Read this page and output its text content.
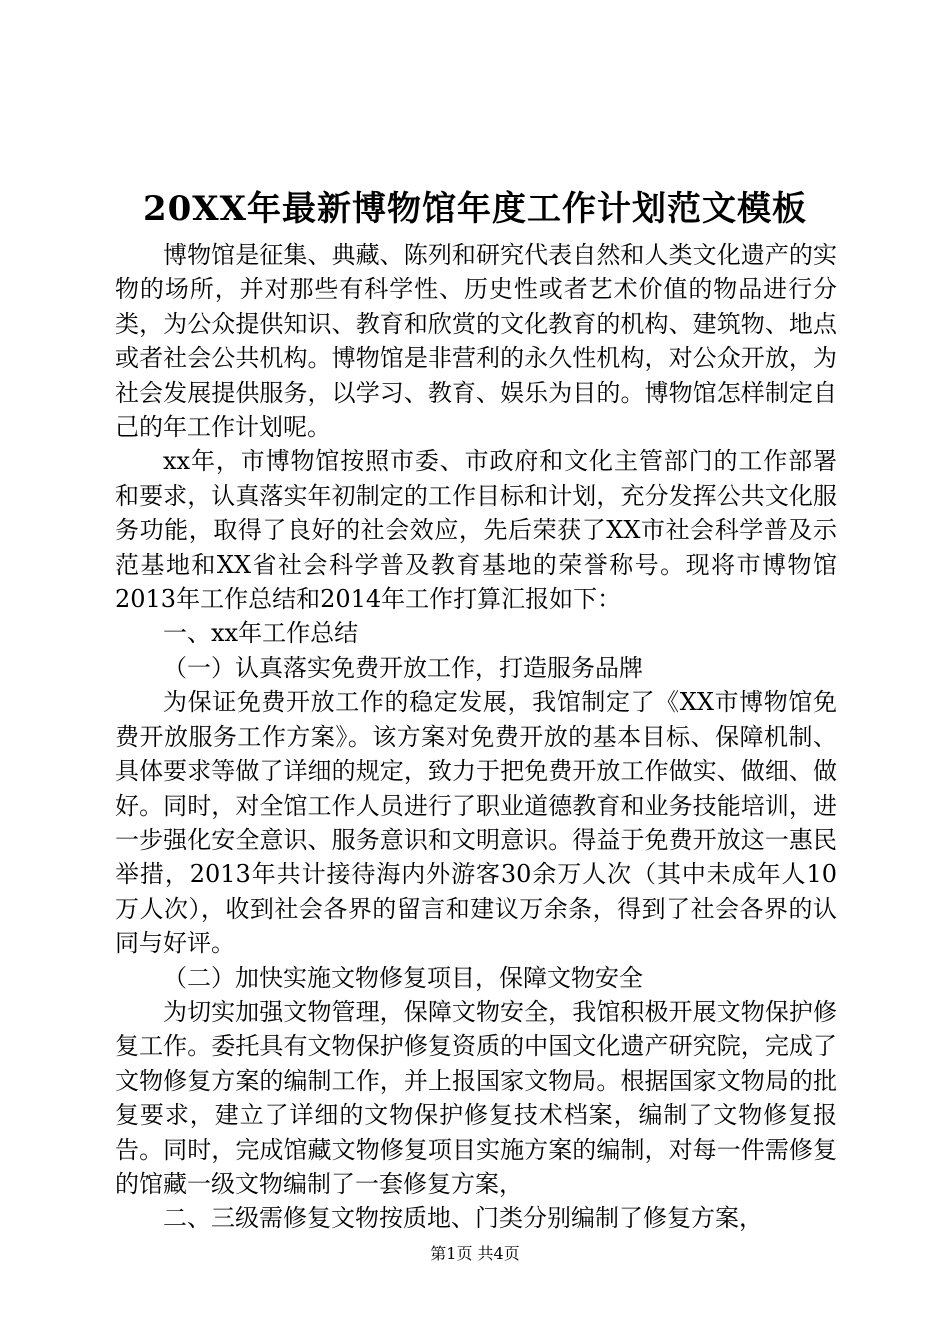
20XX年最新博物馆年度工作计划范文模板

博物馆是征集、典藏、陈列和研究代表自然和人类文化遗产的实物的场所，并对那些有科学性、历史性或者艺术价值的物品进行分类，为公众提供知识、教育和欣赏的文化教育的机构、建筑物、地点或者社会公共机构。博物馆是非营利的永久性机构，对公众开放，为社会发展提供服务，以学习、教育、娱乐为目的。博物馆怎样制定自己的年工作计划呢。

xx年，市博物馆按照市委、市政府和文化主管部门的工作部署和要求，认真落实年初制定的工作目标和计划，充分发挥公共文化服务功能，取得了良好的社会效应，先后荣获了XX市社会科学普及示范基地和XX省社会科学普及教育基地的荣誉称号。现将市博物馆2013年工作总结和2014年工作打算汇报如下：

一、xx年工作总结

（一）认真落实免费开放工作，打造服务品牌

为保证免费开放工作的稳定发展，我馆制定了《XX市博物馆免费开放服务工作方案》。该方案对免费开放的基本目标、保障机制、具体要求等做了详细的规定，致力于把免费开放工作做实、做细、做好。同时，对全馆工作人员进行了职业道德教育和业务技能培训，进一步强化安全意识、服务意识和文明意识。得益于免费开放这一惠民举措，2013年共计接待海内外游客30余万人次（其中未成年人10万人次），收到社会各界的留言和建议万余条，得到了社会各界的认同与好评。

（二）加快实施文物修复项目，保障文物安全

为切实加强文物管理，保障文物安全，我馆积极开展文物保护修复工作。委托具有文物保护修复资质的中国文化遗产研究院，完成了文物修复方案的编制工作，并上报国家文物局。根据国家文物局的批复要求，建立了详细的文物保护修复技术档案，编制了文物修复报告。同时，完成馆藏文物修复项目实施方案的编制，对每一件需修复的馆藏一级文物编制了一套修复方案，

二、三级需修复文物按质地、门类分别编制了修复方案，

第1页 共4页
